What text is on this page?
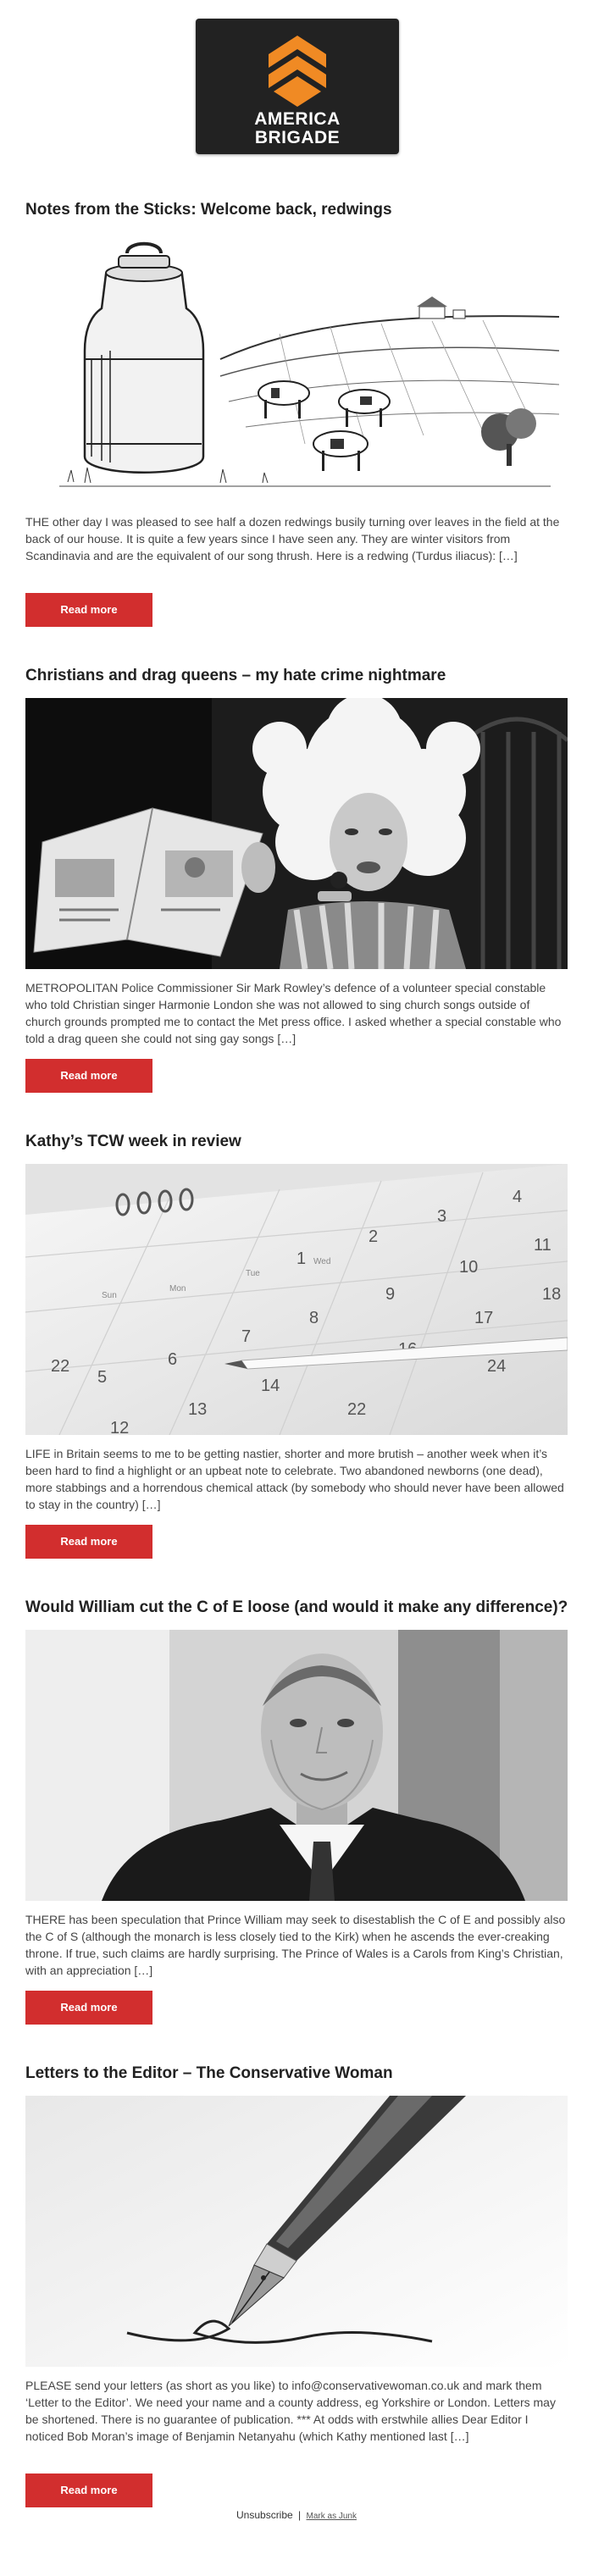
AMERICA
BRIGADE
Notes from the Sticks: Welcome back, redwings

THE other day I was pleased to see half a dozen redwings busily turning over leaves in the field at the back of our house. It is quite a few years since I have seen any. They are winter visitors from Scandinavia and are the equivalent of our song thrush. Here is a redwing (Turdus iliacus): […]

Read more
Christians and drag queens – my hate crime nightmare

METROPOLITAN Police Commissioner Sir Mark Rowley’s defence of a volunteer special constable who told Christian singer Harmonie London she was not allowed to sing church songs outside of church grounds prompted me to contact the Met press office. I asked whether a special constable who told a drag queen she could not sing gay songs […]

Read more
Kathy’s TCW week in review
Sun
Mon
Tue
Wed
2
3
4
1	10
11
8
9
17
18
5
6
7
24
12
13
14
22
22

LIFE in Britain seems to me to be getting nastier, shorter and more brutish – another week when it’s been hard to find a highlight or an upbeat note to celebrate. Two abandoned newborns (one dead), more stabbings and a horrendous chemical attack (by somebody who should never have been allowed to stay in the country) […]

Read more
Would William cut the C of E loose (and would it make any difference)?

THERE has been speculation that Prince William may seek to disestablish the C of E and possibly also the C of S (although the monarch is less closely tied to the Kirk) when he ascends the ever-creaking throne. If true, such claims are hardly surprising. The Prince of Wales is a Carols from King’s Christian, with an appreciation […]

Read more
Letters to the Editor – The Conservative Woman

PLEASE send your letters (as short as you like) to info@conservativewoman.co.uk and mark them ‘Letter to the Editor’. We need your name and a county address, eg Yorkshire or London. Letters may be shortened. There is no guarantee of publication. *** At odds with erstwhile allies Dear Editor I noticed Bob Moran’s image of Benjamin Netanyahu (which Kathy mentioned last […]

Read more
Unsubscribe | Mark as Junk
